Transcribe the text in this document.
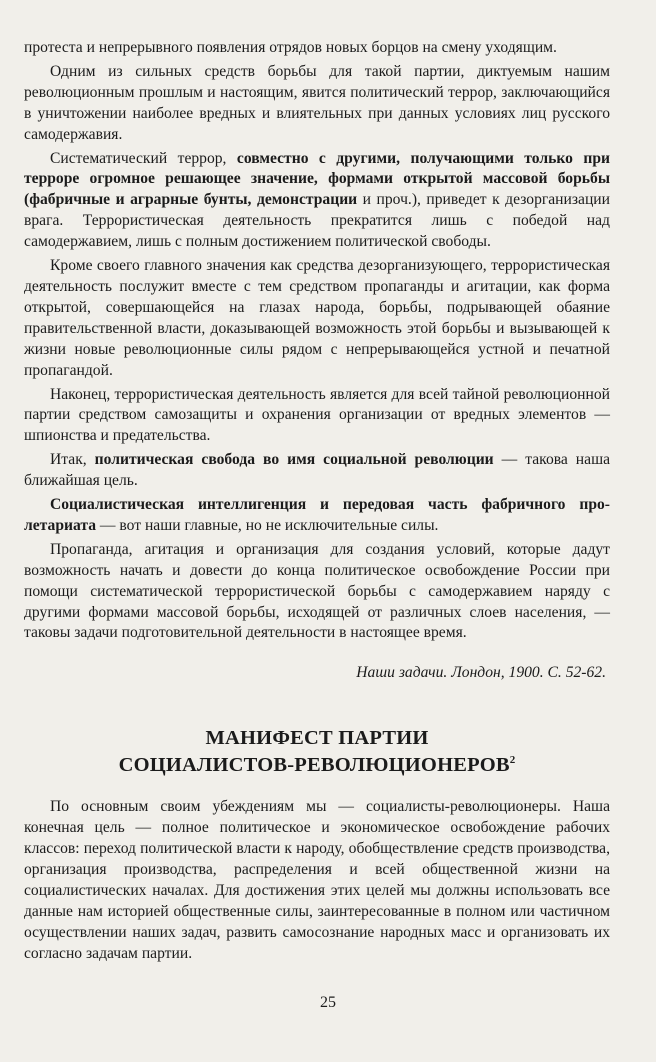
протеста и непрерывного появления отрядов новых борцов на смену уходящим.

Одним из сильных средств борьбы для такой партии, диктуемым нашим революционным прошлым и настоящим, явится политический террор, заключающийся в уничтожении наиболее вредных и влиятельных при данных условиях лиц русского самодержавия.

Систематический террор, совместно с другими, получающими только при терроре огромное решающее значение, формами открытой массовой борьбы (фабричные и аграрные бунты, демонстрации и проч.), приведет к дезорганизации врага. Террористическая деятельность прекратится лишь с победой над самодержавием, лишь с полным достижением политической свободы.

Кроме своего главного значения как средства дезорганизующего, террористическая деятельность послужит вместе с тем средством пропаганды и агитации, как форма открытой, совершающейся на глазах народа, борьбы, подрывающей обаяние правительственной власти, доказывающей возможность этой борьбы и вызывающей к жизни новые революционные силы рядом с непрерывающейся устной и печатной пропагандой.

Наконец, террористическая деятельность является для всей тайной революционной партии средством самозащиты и охранения организации от вредных элементов — шпионства и предательства.

Итак, политическая свобода во имя социальной революции — такова наша ближайшая цель.

Социалистическая интеллигенция и передовая часть фабричного пролетариата — вот наши главные, но не исключительные силы.

Пропаганда, агитация и организация для создания условий, которые дадут возможность начать и довести до конца политическое освобождение России при помощи систематической террористической борьбы с самодержавием наряду с другими формами массовой борьбы, исходящей от различных слоев населения, — таковы задачи подготовительной деятельности в настоящее время.

Наши задачи. Лондон, 1900. С. 52-62.
МАНИФЕСТ ПАРТИИ
СОЦИАЛИСТОВ-РЕВОЛЮЦИОНЕРОВ$^2$

По основным своим убеждениям мы — социалисты-революционеры. Наша конечная цель — полное политическое и экономическое освобождение рабочих классов: переход политической власти к народу, обобществление средств производства, организация производства, распределения и всей общественной жизни на социалистических началах. Для достижения этих целей мы должны использовать все данные нам историей общественные силы, заинтересованные в полном или частичном осуществлении наших задач, развить самосознание народных масс и организовать их согласно задачам партии.

25
